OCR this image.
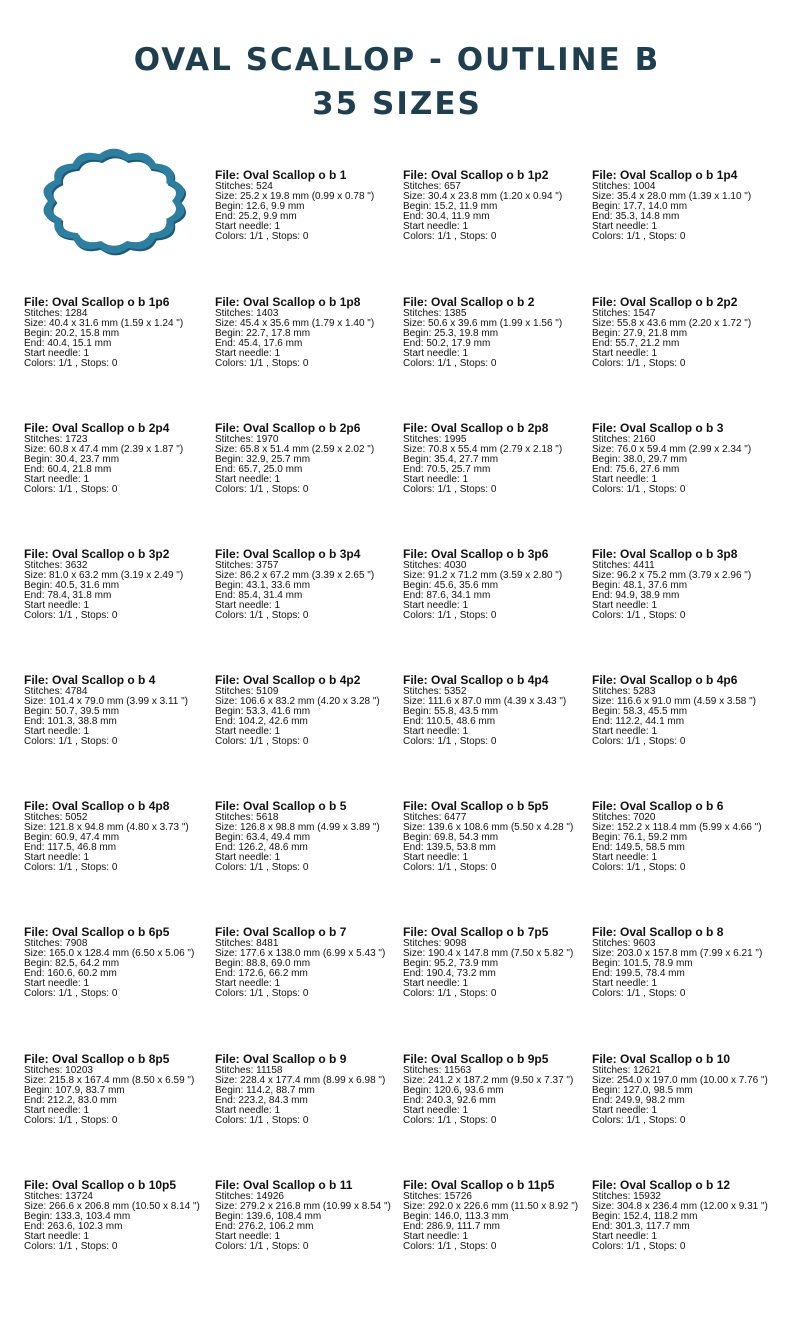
OVAL SCALLOP - OUTLINE B
35 SIZES
File: Oval Scallop o b 1
Stitches: 524
Size: 25.2 x 19.8 mm (0.99 x 0.78 ")
Begin: 12.6, 9.9 mm
End: 25.2, 9.9 mm
Start needle: 1
Colors: 1/1 , Stops: 0
File: Oval Scallop o b 1p2
Stitches: 657
Size: 30.4 x 23.8 mm (1.20 x 0.94 ")
Begin: 15.2, 11.9 mm
End: 30.4, 11.9 mm
Start needle: 1
Colors: 1/1 , Stops: 0
File: Oval Scallop o b 1p4
Stitches: 1004
Size: 35.4 x 28.0 mm (1.39 x 1.10 ")
Begin: 17.7, 14.0 mm
End: 35.3, 14.8 mm
Start needle: 1
Colors: 1/1 , Stops: 0
File: Oval Scallop o b 1p6
Stitches: 1284
Size: 40.4 x 31.6 mm (1.59 x 1.24 ")
Begin: 20.2, 15.8 mm
End: 40.4, 15.1 mm
Start needle: 1
Colors: 1/1 , Stops: 0
File: Oval Scallop o b 1p8
Stitches: 1403
Size: 45.4 x 35.6 mm (1.79 x 1.40 ")
Begin: 22.7, 17.8 mm
End: 45.4, 17.6 mm
Start needle: 1
Colors: 1/1 , Stops: 0
File: Oval Scallop o b 2
Stitches: 1385
Size: 50.6 x 39.6 mm (1.99 x 1.56 ")
Begin: 25.3, 19.8 mm
End: 50.2, 17.9 mm
Start needle: 1
Colors: 1/1 , Stops: 0
File: Oval Scallop o b 2p2
Stitches: 1547
Size: 55.8 x 43.6 mm (2.20 x 1.72 ")
Begin: 27.9, 21.8 mm
End: 55.7, 21.2 mm
Start needle: 1
Colors: 1/1 , Stops: 0
File: Oval Scallop o b 2p4
Stitches: 1723
Size: 60.8 x 47.4 mm (2.39 x 1.87 ")
Begin: 30.4, 23.7 mm
End: 60.4, 21.8 mm
Start needle: 1
Colors: 1/1 , Stops: 0
File: Oval Scallop o b 2p6
Stitches: 1970
Size: 65.8 x 51.4 mm (2.59 x 2.02 ")
Begin: 32.9, 25.7 mm
End: 65.7, 25.0 mm
Start needle: 1
Colors: 1/1 , Stops: 0
File: Oval Scallop o b 2p8
Stitches: 1995
Size: 70.8 x 55.4 mm (2.79 x 2.18 ")
Begin: 35.4, 27.7 mm
End: 70.5, 25.7 mm
Start needle: 1
Colors: 1/1 , Stops: 0
File: Oval Scallop o b 3
Stitches: 2160
Size: 76.0 x 59.4 mm (2.99 x 2.34 ")
Begin: 38.0, 29.7 mm
End: 75.6, 27.6 mm
Start needle: 1
Colors: 1/1 , Stops: 0
File: Oval Scallop o b 3p2
Stitches: 3632
Size: 81.0 x 63.2 mm (3.19 x 2.49 ")
Begin: 40.5, 31.6 mm
End: 78.4, 31.8 mm
Start needle: 1
Colors: 1/1 , Stops: 0
File: Oval Scallop o b 3p4
Stitches: 3757
Size: 86.2 x 67.2 mm (3.39 x 2.65 ")
Begin: 43.1, 33.6 mm
End: 85.4, 31.4 mm
Start needle: 1
Colors: 1/1 , Stops: 0
File: Oval Scallop o b 3p6
Stitches: 4030
Size: 91.2 x 71.2 mm (3.59 x 2.80 ")
Begin: 45.6, 35.6 mm
End: 87.6, 34.1 mm
Start needle: 1
Colors: 1/1 , Stops: 0
File: Oval Scallop o b 3p8
Stitches: 4411
Size: 96.2 x 75.2 mm (3.79 x 2.96 ")
Begin: 48.1, 37.6 mm
End: 94.9, 38.9 mm
Start needle: 1
Colors: 1/1 , Stops: 0
File: Oval Scallop o b 4
Stitches: 4784
Size: 101.4 x 79.0 mm (3.99 x 3.11 ")
Begin: 50.7, 39.5 mm
End: 101.3, 38.8 mm
Start needle: 1
Colors: 1/1 , Stops: 0
File: Oval Scallop o b 4p2
Stitches: 5109
Size: 106.6 x 83.2 mm (4.20 x 3.28 ")
Begin: 53.3, 41.6 mm
End: 104.2, 42.6 mm
Start needle: 1
Colors: 1/1 , Stops: 0
File: Oval Scallop o b 4p4
Stitches: 5352
Size: 111.6 x 87.0 mm (4.39 x 3.43 ")
Begin: 55.8, 43.5 mm
End: 110.5, 48.6 mm
Start needle: 1
Colors: 1/1 , Stops: 0
File: Oval Scallop o b 4p6
Stitches: 5283
Size: 116.6 x 91.0 mm (4.59 x 3.58 ")
Begin: 58.3, 45.5 mm
End: 112.2, 44.1 mm
Start needle: 1
Colors: 1/1 , Stops: 0
File: Oval Scallop o b 4p8
Stitches: 5052
Size: 121.8 x 94.8 mm (4.80 x 3.73 ")
Begin: 60.9, 47.4 mm
End: 117.5, 46.8 mm
Start needle: 1
Colors: 1/1 , Stops: 0
File: Oval Scallop o b 5
Stitches: 5618
Size: 126.8 x 98.8 mm (4.99 x 3.89 ")
Begin: 63.4, 49.4 mm
End: 126.2, 48.6 mm
Start needle: 1
Colors: 1/1 , Stops: 0
File: Oval Scallop o b 5p5
Stitches: 6477
Size: 139.6 x 108.6 mm (5.50 x 4.28 ")
Begin: 69.8, 54.3 mm
End: 139.5, 53.8 mm
Start needle: 1
Colors: 1/1 , Stops: 0
File: Oval Scallop o b 6
Stitches: 7020
Size: 152.2 x 118.4 mm (5.99 x 4.66 ")
Begin: 76.1, 59.2 mm
End: 149.5, 58.5 mm
Start needle: 1
Colors: 1/1 , Stops: 0
File: Oval Scallop o b 6p5
Stitches: 7908
Size: 165.0 x 128.4 mm (6.50 x 5.06 ")
Begin: 82.5, 64.2 mm
End: 160.6, 60.2 mm
Start needle: 1
Colors: 1/1 , Stops: 0
File: Oval Scallop o b 7
Stitches: 8481
Size: 177.6 x 138.0 mm (6.99 x 5.43 ")
Begin: 88.8, 69.0 mm
End: 172.6, 66.2 mm
Start needle: 1
Colors: 1/1 , Stops: 0
File: Oval Scallop o b 7p5
Stitches: 9098
Size: 190.4 x 147.8 mm (7.50 x 5.82 ")
Begin: 95.2, 73.9 mm
End: 190.4, 73.2 mm
Start needle: 1
Colors: 1/1 , Stops: 0
File: Oval Scallop o b 8
Stitches: 9603
Size: 203.0 x 157.8 mm (7.99 x 6.21 ")
Begin: 101.5, 78.9 mm
End: 199.5, 78.4 mm
Start needle: 1
Colors: 1/1 , Stops: 0
File: Oval Scallop o b 8p5
Stitches: 10203
Size: 215.8 x 167.4 mm (8.50 x 6.59 ")
Begin: 107.9, 83.7 mm
End: 212.2, 83.0 mm
Start needle: 1
Colors: 1/1 , Stops: 0
File: Oval Scallop o b 9
Stitches: 11158
Size: 228.4 x 177.4 mm (8.99 x 6.98 ")
Begin: 114.2, 88.7 mm
End: 223.2, 84.3 mm
Start needle: 1
Colors: 1/1 , Stops: 0
File: Oval Scallop o b 9p5
Stitches: 11563
Size: 241.2 x 187.2 mm (9.50 x 7.37 ")
Begin: 120.6, 93.6 mm
End: 240.3, 92.6 mm
Start needle: 1
Colors: 1/1 , Stops: 0
File: Oval Scallop o b 10
Stitches: 12621
Size: 254.0 x 197.0 mm (10.00 x 7.76 ")
Begin: 127.0, 98.5 mm
End: 249.9, 98.2 mm
Start needle: 1
Colors: 1/1 , Stops: 0
File: Oval Scallop o b 10p5
Stitches: 13724
Size: 266.6 x 206.8 mm (10.50 x 8.14 ")
Begin: 133.3, 103.4 mm
End: 263.6, 102.3 mm
Start needle: 1
Colors: 1/1 , Stops: 0
File: Oval Scallop o b 11
Stitches: 14926
Size: 279.2 x 216.8 mm (10.99 x 8.54 ")
Begin: 139.6, 108.4 mm
End: 276.2, 106.2 mm
Start needle: 1
Colors: 1/1 , Stops: 0
File: Oval Scallop o b 11p5
Stitches: 15726
Size: 292.0 x 226.6 mm (11.50 x 8.92 ")
Begin: 146.0, 113.3 mm
End: 286.9, 111.7 mm
Start needle: 1
Colors: 1/1 , Stops: 0
File: Oval Scallop o b 12
Stitches: 15932
Size: 304.8 x 236.4 mm (12.00 x 9.31 ")
Begin: 152.4, 118.2 mm
End: 301.3, 117.7 mm
Start needle: 1
Colors: 1/1 , Stops: 0
